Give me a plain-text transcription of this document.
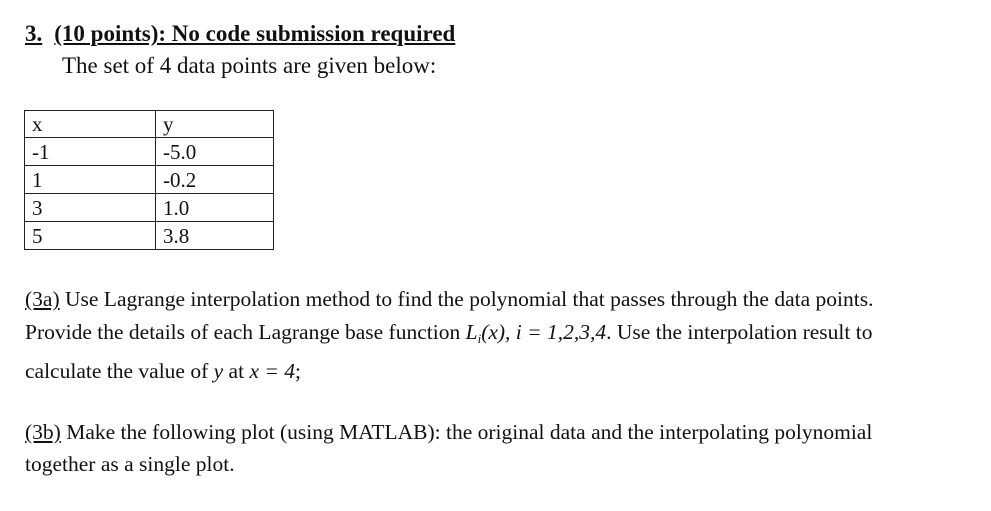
3. (10 points): No code submission required
The set of 4 data points are given below:
x	y
-1	-5.0
1	-0.2
3	1.0
5	3.8
(3a) Use Lagrange interpolation method to find the polynomial that passes through the data points.
Provide the details of each Lagrange base function $L_i(x)$, i = 1,2,3,4. Use the interpolation result to
calculate the value of y at x = 4;
(3b) Make the following plot (using MATLAB): the original data and the interpolating polynomial
together as a single plot.
